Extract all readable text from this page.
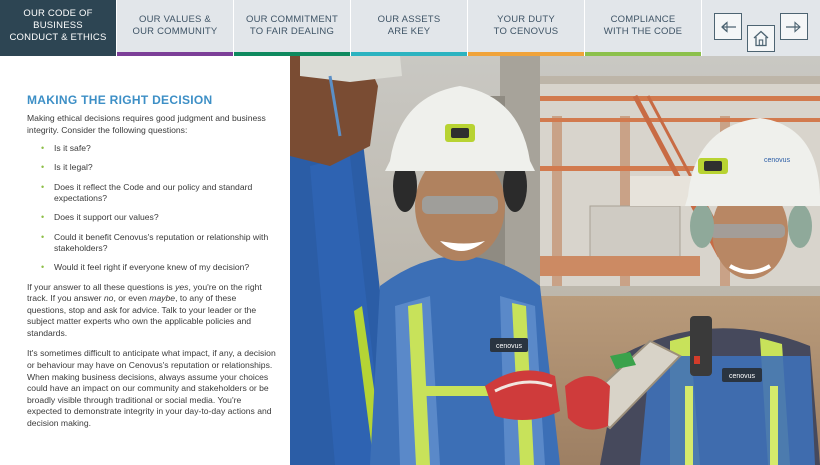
OUR CODE OF BUSINESS
CONDUCT & ETHICS
OUR VALUES &
OUR COMMUNITY
OUR COMMITMENT
TO FAIR DEALING
OUR ASSETS
ARE KEY
YOUR DUTY
TO CENOVUS
COMPLIANCE
WITH THE CODE
MAKING THE RIGHT DECISION

Making ethical decisions requires good judgment and business integrity. Consider the following questions:

• Is it safe?
• Is it legal?
• Does it reflect the Code and our policy and standard expectations?
• Does it support our values?
• Could it benefit Cenovus's reputation or relationship with stakeholders?
• Would it feel right if everyone knew of my decision?

If your answer to all these questions is yes, you're on the right track. If you answer no, or even maybe, to any of these questions, stop and ask for advice. Talk to your leader or the subject matter experts who own the applicable policies and standards.

It's sometimes difficult to anticipate what impact, if any, a decision or behaviour may have on Cenovus's reputation or relationships. When making business decisions, always assume your choices could have an impact on our community and stakeholders or be broadly visible through traditional or social media. You're expected to demonstrate integrity in your day-to-day actions and decision making.

cenovus
cenovus
cenovus
